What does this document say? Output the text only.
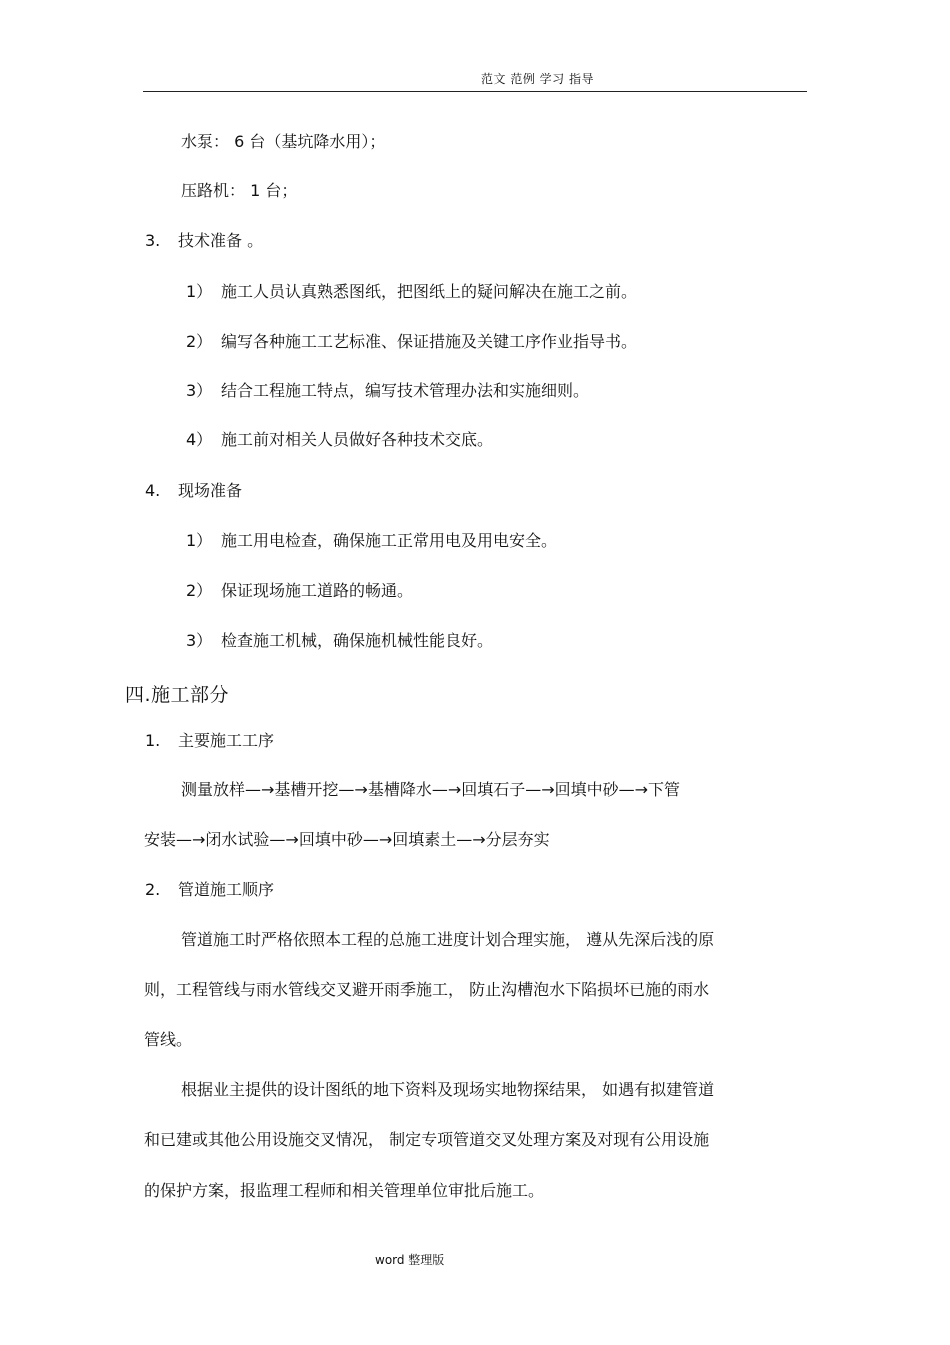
范文 范例 学习 指导
水泵： 6 台（基坑降水用）；
压路机： 1 台；
3. 技术准备 。
1） 施工人员认真熟悉图纸，把图纸上的疑问解决在施工之前。
2） 编写各种施工工艺标准、保证措施及关键工序作业指导书。
3） 结合工程施工特点，编写技术管理办法和实施细则。
4） 施工前对相关人员做好各种技术交底。
4. 现场准备
1） 施工用电检查，确保施工正常用电及用电安全。
2） 保证现场施工道路的畅通。
3） 检查施工机械，确保施机械性能良好。
四.施工部分
1. 主要施工工序
测量放样—→基槽开挖—→基槽降水—→回填石子—→回填中砂—→下管
安装—→闭水试验—→回填中砂—→回填素土—→分层夯实
2. 管道施工顺序
管道施工时严格依照本工程的总施工进度计划合理实施， 遵从先深后浅的原
则，工程管线与雨水管线交叉避开雨季施工， 防止沟槽泡水下陷损坏已施的雨水
管线。
根据业主提供的设计图纸的地下资料及现场实地物探结果， 如遇有拟建管道
和已建或其他公用设施交叉情况， 制定专项管道交叉处理方案及对现有公用设施
的保护方案，报监理工程师和相关管理单位审批后施工。
word 整理版
